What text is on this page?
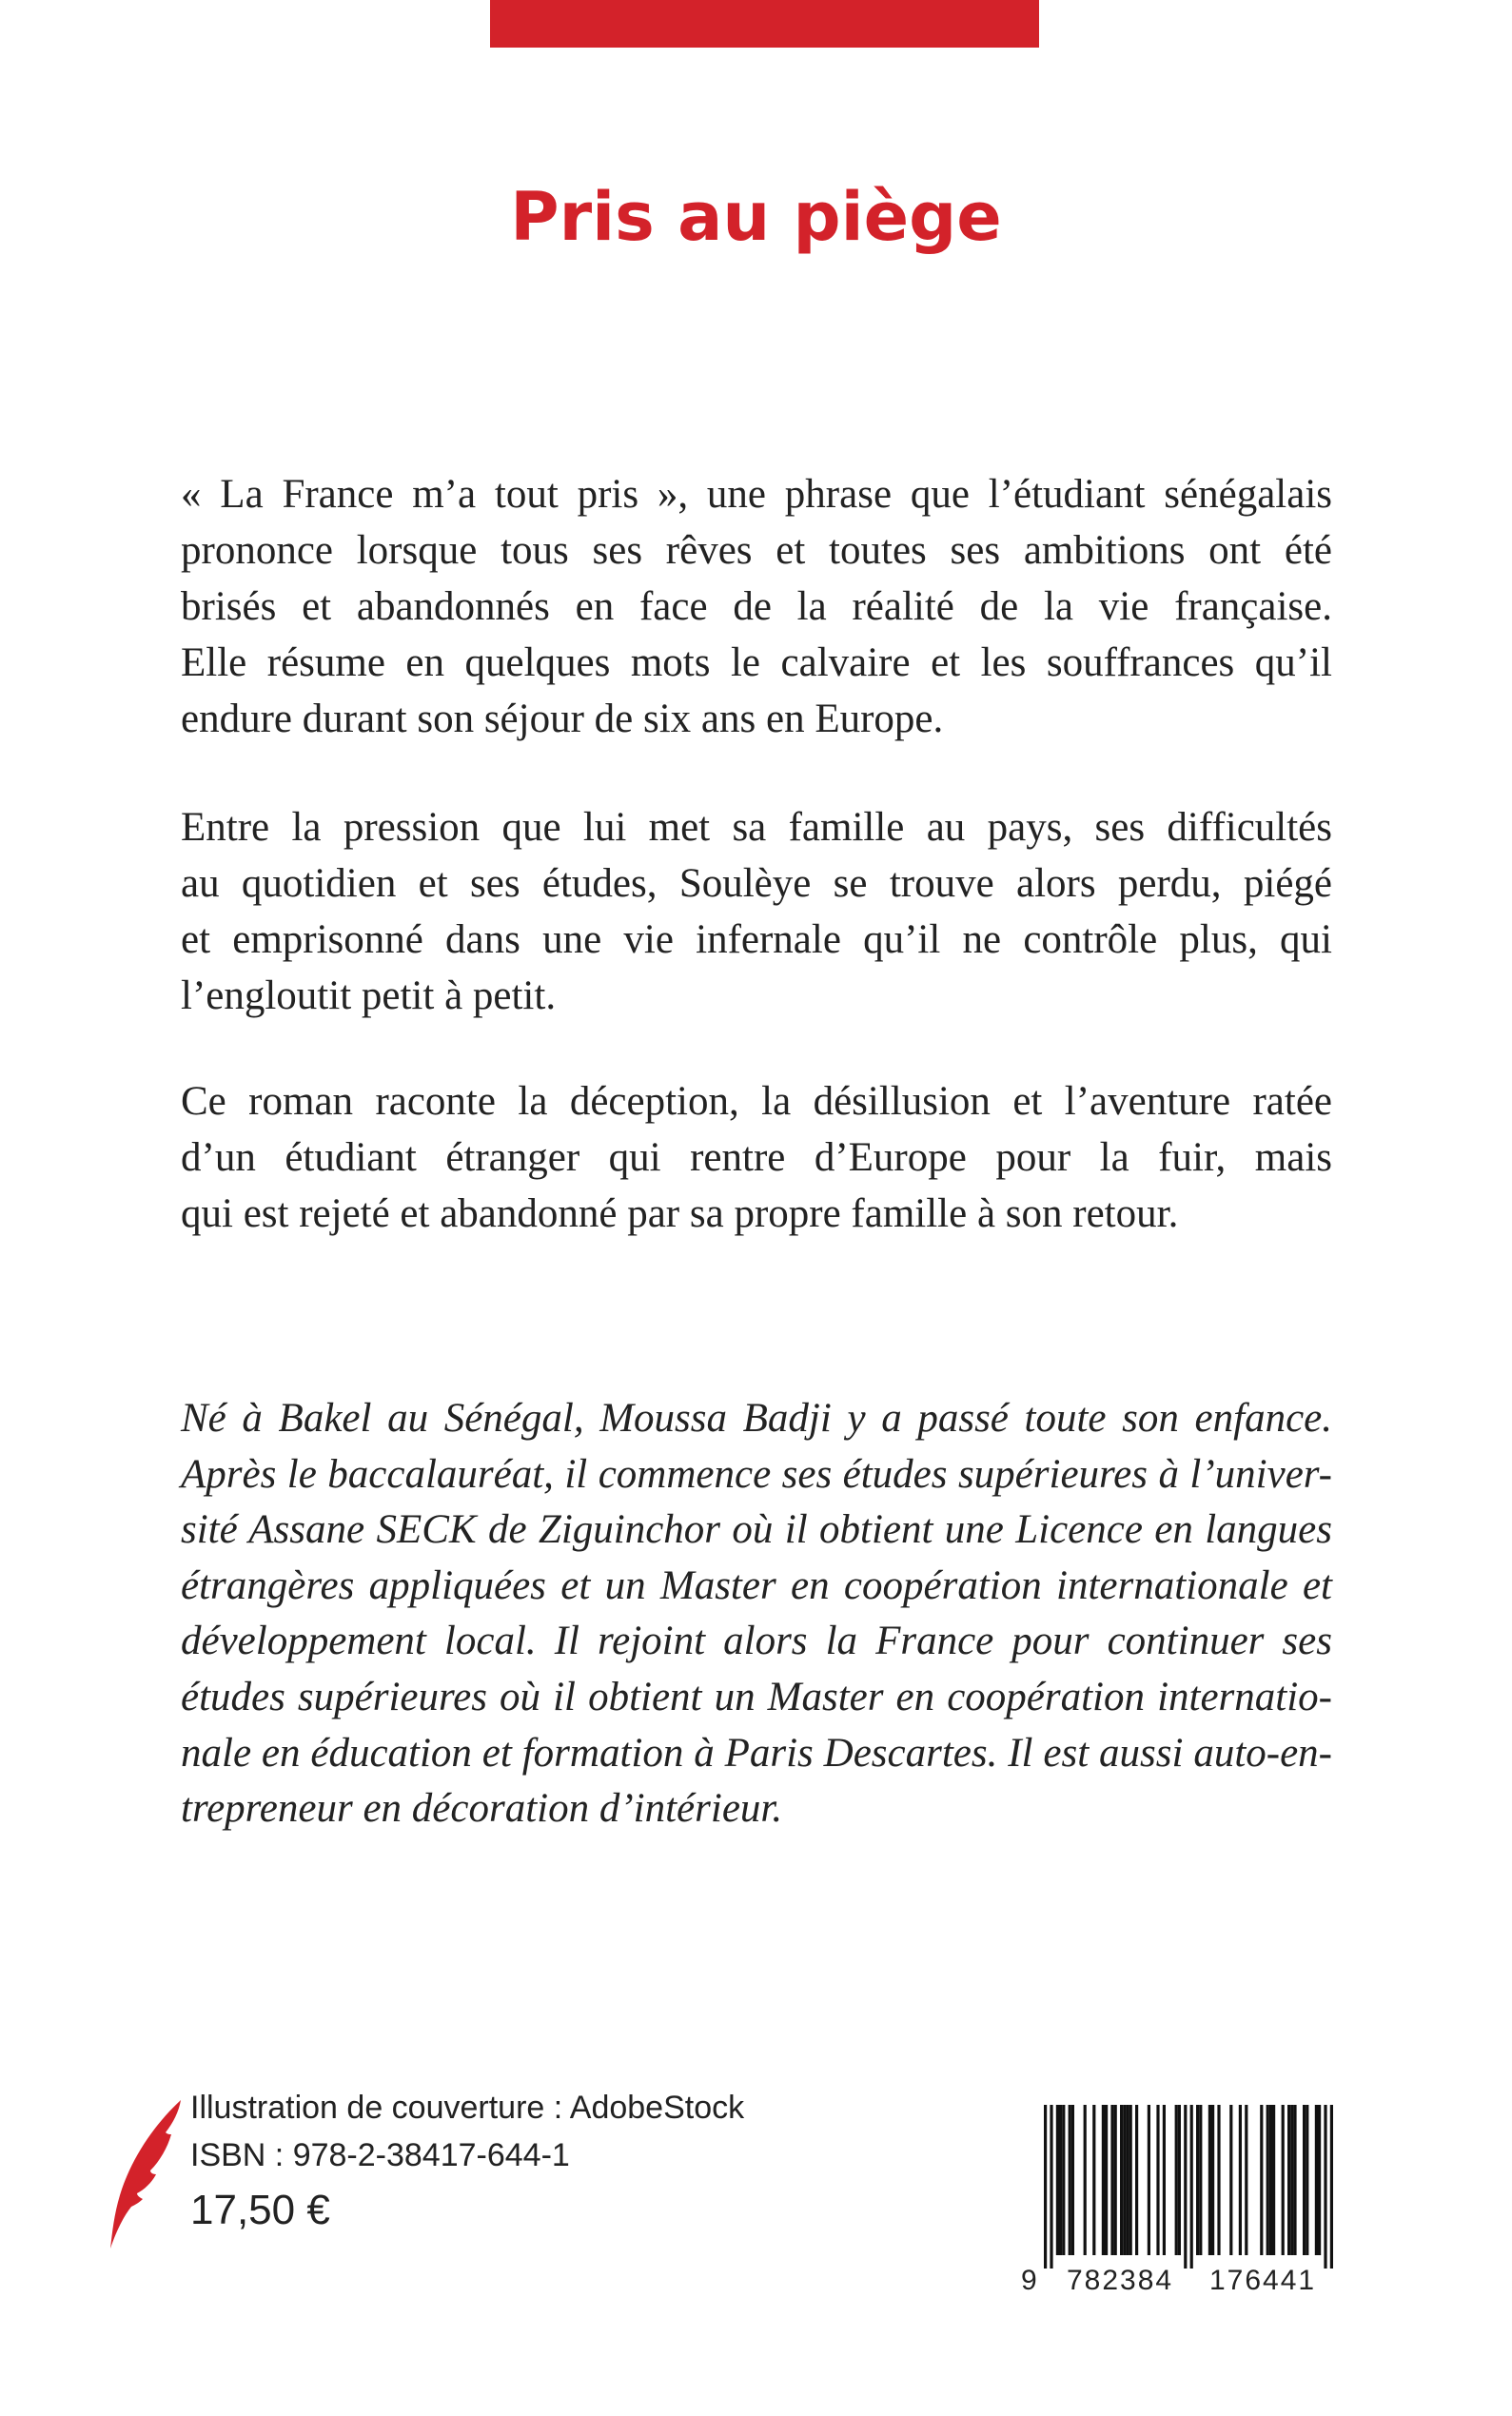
Pris au piège
« La France m’a tout pris », une phrase que l’étudiant sénégalais
prononce lorsque tous ses rêves et toutes ses ambitions ont été
brisés et abandonnés en face de la réalité de la vie française.
Elle résume en quelques mots le calvaire et les souffrances qu’il
endure durant son séjour de six ans en Europe.
Entre la pression que lui met sa famille au pays, ses difficultés
au quotidien et ses études, Soulèye se trouve alors perdu, piégé
et emprisonné dans une vie infernale qu’il ne contrôle plus, qui
l’engloutit petit à petit.
Ce roman raconte la déception, la désillusion et l’aventure ratée
d’un étudiant étranger qui rentre d’Europe pour la fuir, mais
qui est rejeté et abandonné par sa propre famille à son retour.
Né à Bakel au Sénégal, Moussa Badji y a passé toute son enfance.
Après le baccalauréat, il commence ses études supérieures à l’univer-
sité Assane SECK de Ziguinchor où il obtient une Licence en langues
étrangères appliquées et un Master en coopération internationale et
développement local. Il rejoint alors la France pour continuer ses
études supérieures où il obtient un Master en coopération internatio-
nale en éducation et formation à Paris Descartes. Il est aussi auto-en-
trepreneur en décoration d’intérieur.
Illustration de couverture : AdobeStock
ISBN : 978-2-38417-644-1
17,50 €
9 782384 176441
